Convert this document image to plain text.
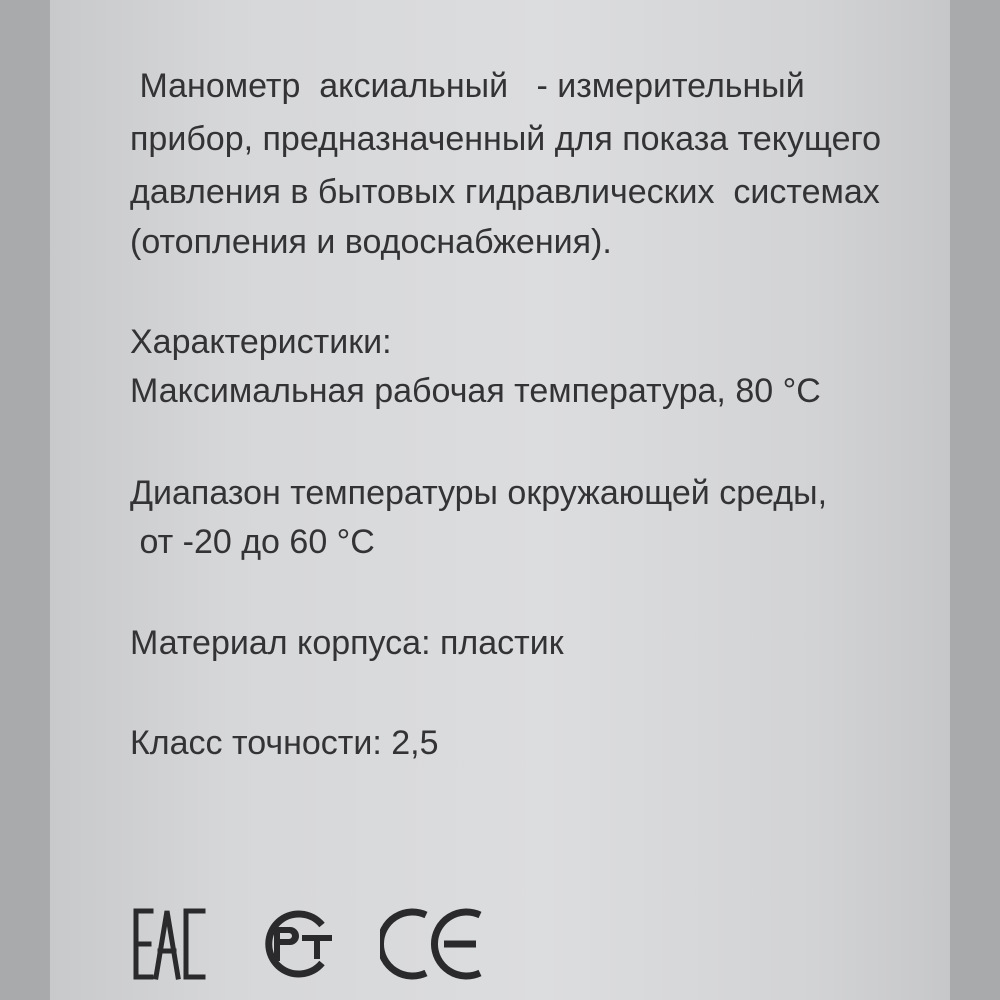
Манометр  аксиальный   - измерительный

прибор, предназначенный для показа текущего

давления в бытовых гидравлических  системах

(отопления и водоснабжения).

Характеристики:

Максимальная рабочая температура, 80 °C

Диапазон температуры окружающей среды,

от -20 до 60 °C

Материал корпуса: пластик

Класс точности: 2,5
